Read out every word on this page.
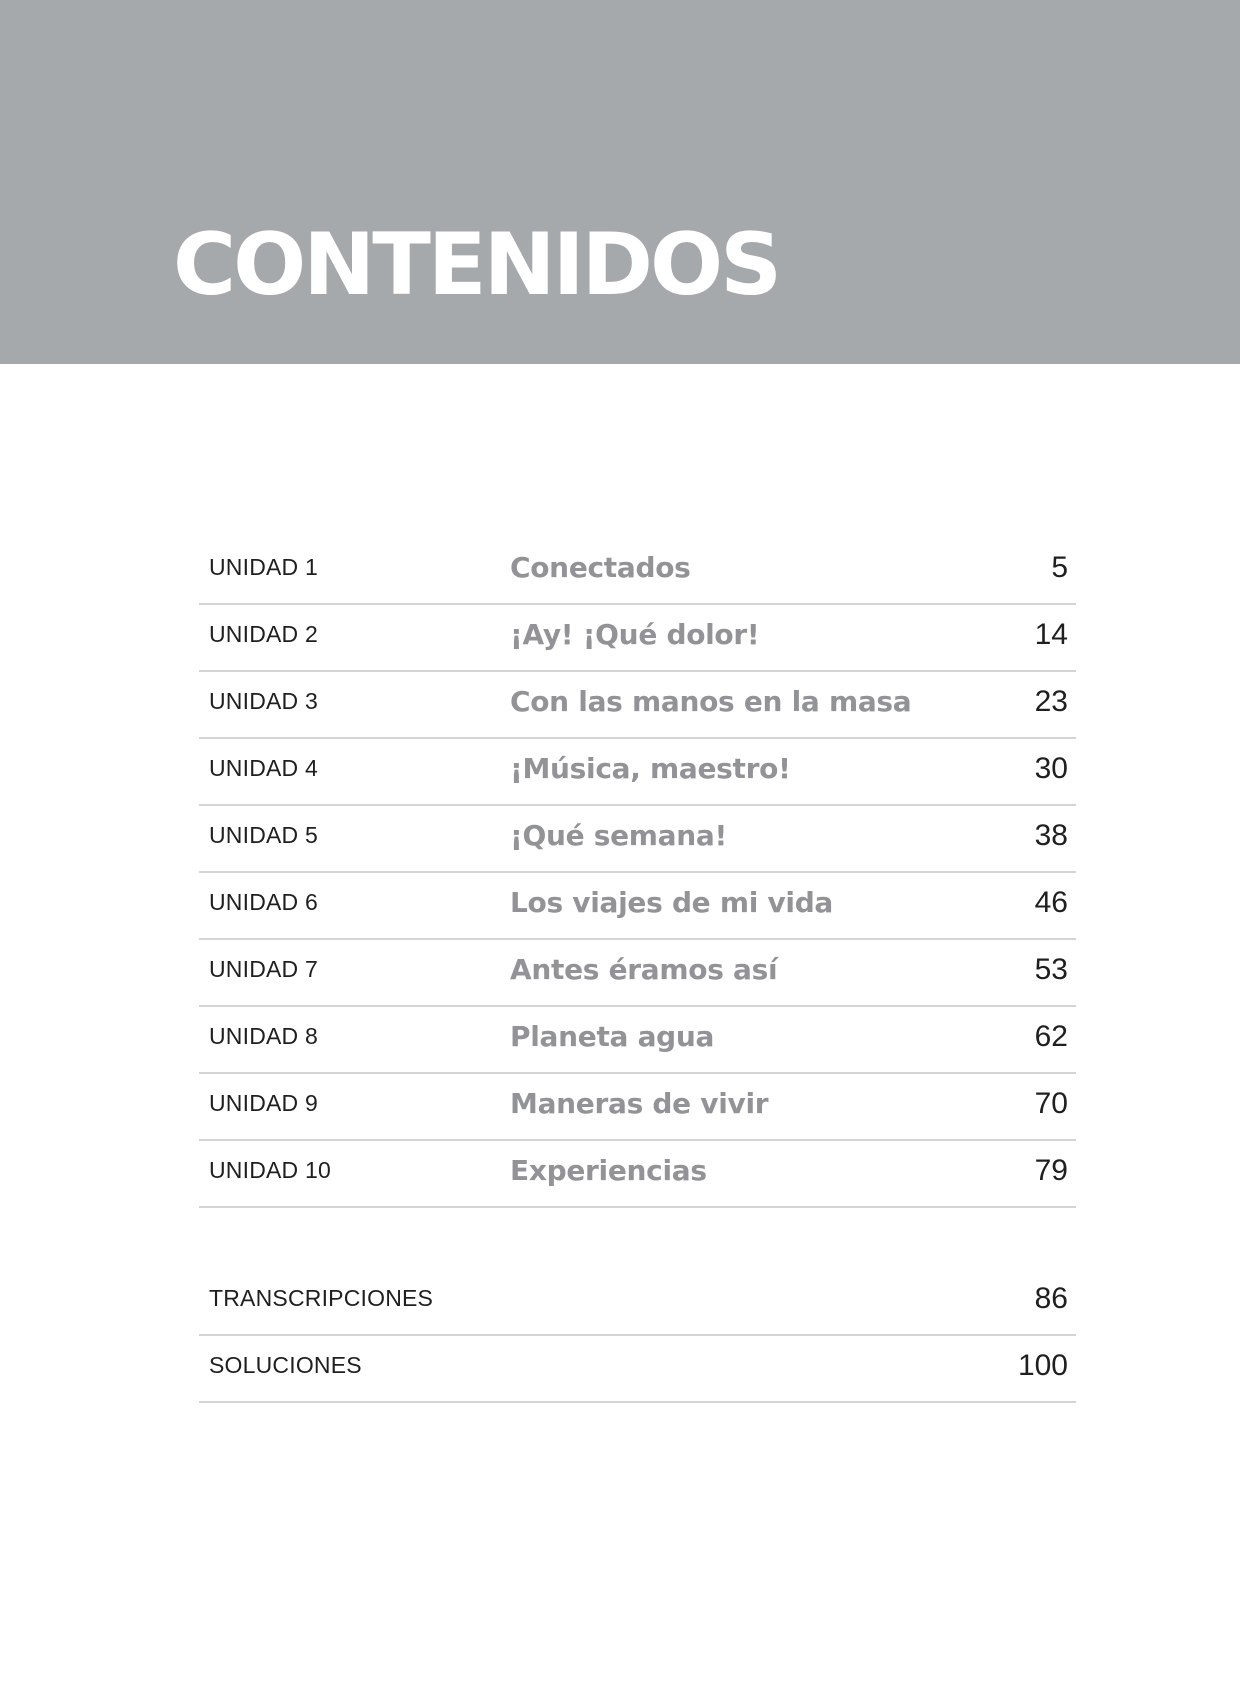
CONTENIDOS
UNIDAD 1	Conectados	5
UNIDAD 2	¡Ay! ¡Qué dolor!	14
UNIDAD 3	Con las manos en la masa	23
UNIDAD 4	¡Música, maestro!	30
UNIDAD 5	¡Qué semana!	38
UNIDAD 6	Los viajes de mi vida	46
UNIDAD 7	Antes éramos así	53
UNIDAD 8	Planeta agua	62
UNIDAD 9	Maneras de vivir	70
UNIDAD 10	Experiencias	79
TRANSCRIPCIONES	86
SOLUCIONES	100
